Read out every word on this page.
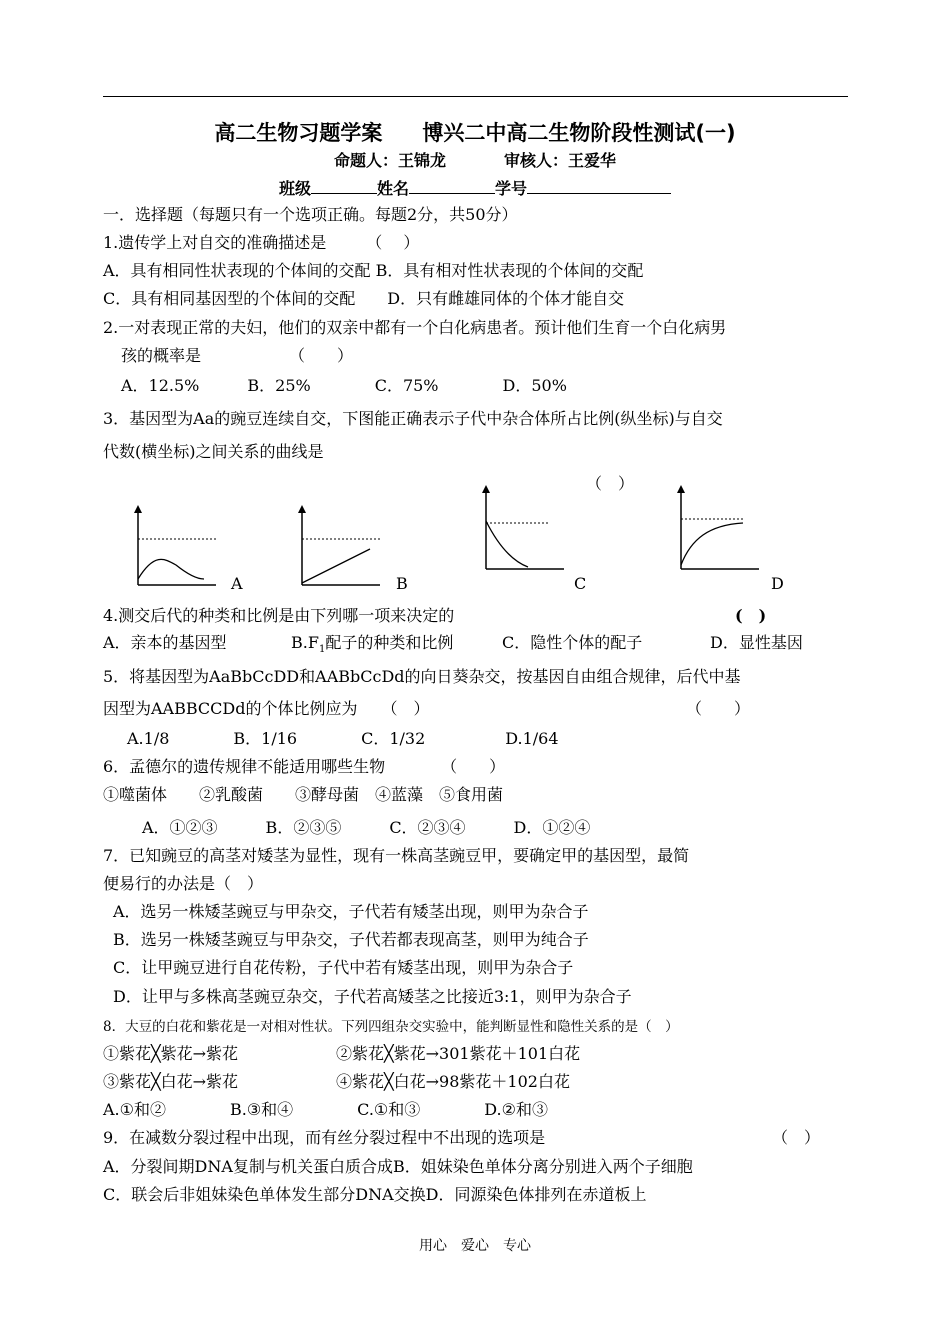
高二生物习题学案 博兴二中高二生物阶段性测试(一)
命题人：王锦龙	审核人：王爱华
班级	姓名	学号
一．选择题（每题只有一个选项正确。每题2分，共50分）
1.遗传学上对自交的准确描述是　　　（　 ）
A．具有相同性状表现的个体间的交配 B．具有相对性状表现的个体间的交配
C．具有相同基因型的个体间的交配　　D．只有雌雄同体的个体才能自交
2.一对表现正常的夫妇，他们的双亲中都有一个白化病患者。预计他们生育一个白化病男
孩的概率是　　　　　　（　　）
A．12.5%　　　B．25%　　　　C．75%　　　　D．50%
3．基因型为Aa的豌豆连续自交，下图能正确表示子代中杂合体所占比例(纵坐标)与自交
代数(横坐标)之间关系的曲线是
（　）
A	B	C	D
4.测交后代的种类和比例是由下列哪一项来决定的	(　)
A．亲本的基因型	$B.F_1$配子的种类和比例	C．隐性个体的配子	D．显性基因
5．将基因型为AaBbCcDD和AABbCcDd的向日葵杂交，按基因自由组合规律，后代中基
因型为AABBCCDd的个体比例应为　　（　）	（　　）
A.1/8　　　　B．1/16　　　　C．1/32　　　　　D.1/64
6．孟德尔的遗传规律不能适用哪些生物　　　　（　　）
①噬菌体　　②乳酸菌　　③酵母菌　④蓝藻　⑤食用菌
A．①②③　　　B．②③⑤　　　C．②③④　　　D．①②④
7．已知豌豆的高茎对矮茎为显性，现有一株高茎豌豆甲，要确定甲的基因型，最简
便易行的办法是（　）
A．选另一株矮茎豌豆与甲杂交，子代若有矮茎出现，则甲为杂合子
B．选另一株矮茎豌豆与甲杂交，子代若都表现高茎，则甲为纯合子
C．让甲豌豆进行自花传粉，子代中若有矮茎出现，则甲为杂合子
D．让甲与多株高茎豌豆杂交，子代若高矮茎之比接近3:1，则甲为杂合子
8．大豆的白花和紫花是一对相对性状。下列四组杂交实验中，能判断显性和隐性关系的是（　）
①紫花╳紫花→紫花	②紫花╳紫花→301紫花＋101白花
③紫花╳白花→紫花	④紫花╳白花→98紫花＋102白花
A.①和②　　　　B.③和④　　　　C.①和③　　　　D.②和③
9．在减数分裂过程中出现，而有丝分裂过程中不出现的选项是	（　）
A．分裂间期DNA复制与机关蛋白质合成B．姐妹染色单体分离分别进入两个子细胞
C．联会后非姐妹染色单体发生部分DNA交换D．同源染色体排列在赤道板上
用心　爱心　专心
